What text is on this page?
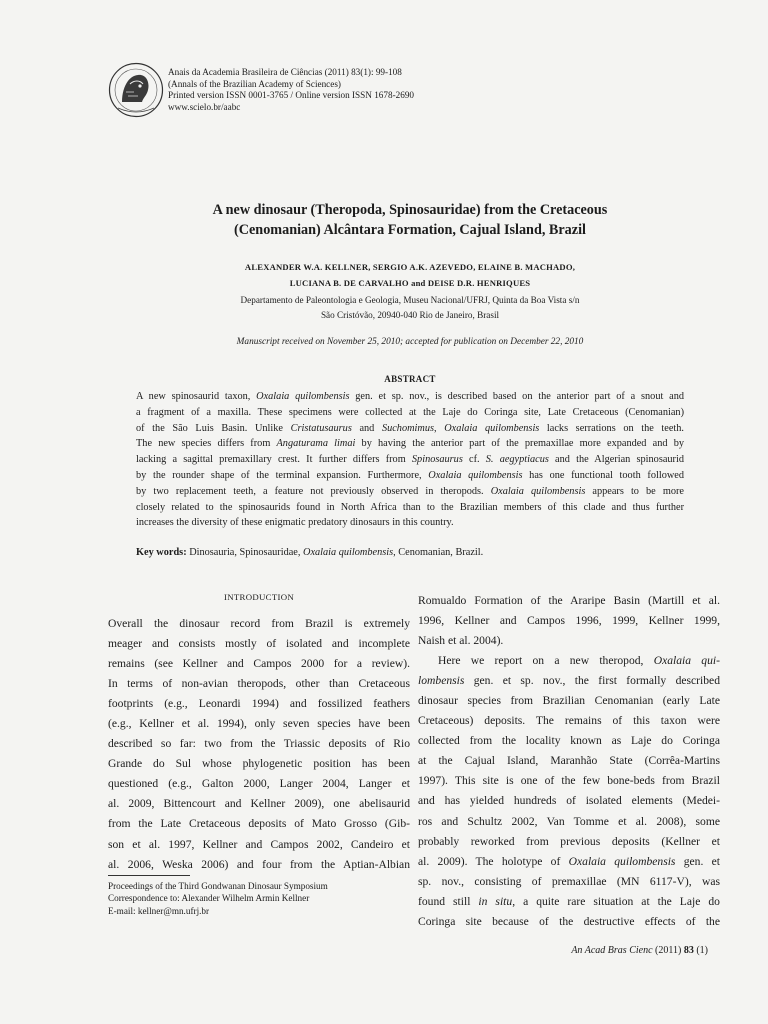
Anais da Academia Brasileira de Ciências (2011) 83(1): 99-108
(Annals of the Brazilian Academy of Sciences)
Printed version ISSN 0001-3765 / Online version ISSN 1678-2690
www.scielo.br/aabc
A new dinosaur (Theropoda, Spinosauridae) from the Cretaceous
(Cenomanian) Alcântara Formation, Cajual Island, Brazil
ALEXANDER W.A. KELLNER, SERGIO A.K. AZEVEDO, ELAINE B. MACHADO,
LUCIANA B. DE CARVALHO and DEISE D.R. HENRIQUES
Departamento de Paleontologia e Geologia, Museu Nacional/UFRJ, Quinta da Boa Vista s/n
São Cristóvão, 20940-040 Rio de Janeiro, Brasil
Manuscript received on November 25, 2010; accepted for publication on December 22, 2010
ABSTRACT
A new spinosaurid taxon, Oxalaia quilombensis gen. et sp. nov., is described based on the anterior part of a snout and
a fragment of a maxilla. These specimens were collected at the Laje do Coringa site, Late Cretaceous (Cenomanian)
of the São Luis Basin. Unlike Cristatusaurus and Suchomimus, Oxalaia quilombensis lacks serrations on the teeth.
The new species differs from Angaturama limai by having the anterior part of the premaxillae more expanded and by
lacking a sagittal premaxillary crest. It further differs from Spinosaurus cf. S. aegyptiacus and the Algerian spinosaurid
by the rounder shape of the terminal expansion. Furthermore, Oxalaia quilombensis has one functional tooth followed
by two replacement teeth, a feature not previously observed in theropods. Oxalaia quilombensis appears to be more
closely related to the spinosaurids found in North Africa than to the Brazilian members of this clade and thus further
increases the diversity of these enigmatic predatory dinosaurs in this country.
Key words: Dinosauria, Spinosauridae, Oxalaia quilombensis, Cenomanian, Brazil.
INTRODUCTION
Overall the dinosaur record from Brazil is extremely
meager and consists mostly of isolated and incomplete
remains (see Kellner and Campos 2000 for a review).
In terms of non-avian theropods, other than Cretaceous
footprints (e.g., Leonardi 1994) and fossilized feathers
(e.g., Kellner et al. 1994), only seven species have been
described so far: two from the Triassic deposits of Rio
Grande do Sul whose phylogenetic position has been
questioned (e.g., Galton 2000, Langer 2004, Langer et
al. 2009, Bittencourt and Kellner 2009), one abelisaurid
from the Late Cretaceous deposits of Mato Grosso (Gib-
son et al. 1997, Kellner and Campos 2002, Candeiro et
al. 2006, Weska 2006) and four from the Aptian-Albian
Romualdo Formation of the Araripe Basin (Martill et al.
1996, Kellner and Campos 1996, 1999, Kellner 1999,
Naish et al. 2004).
Here we report on a new theropod, Oxalaia qui-
lombensis gen. et sp. nov., the first formally described
dinosaur species from Brazilian Cenomanian (early Late
Cretaceous) deposits. The remains of this taxon were
collected from the locality known as Laje do Coringa
at the Cajual Island, Maranhão State (Corrêa-Martins
1997). This site is one of the few bone-beds from Brazil
and has yielded hundreds of isolated elements (Medei-
ros and Schultz 2002, Van Tomme et al. 2008), some
probably reworked from previous deposits (Kellner et
al. 2009). The holotype of Oxalaia quilombensis gen. et
sp. nov., consisting of premaxillae (MN 6117-V), was
found still in situ, a quite rare situation at the Laje do
Coringa site because of the destructive effects of the
Proceedings of the Third Gondwanan Dinosaur Symposium
Correspondence to: Alexander Wilhelm Armin Kellner
E-mail: kellner@mn.ufrj.br
An Acad Bras Cienc (2011) 83 (1)
